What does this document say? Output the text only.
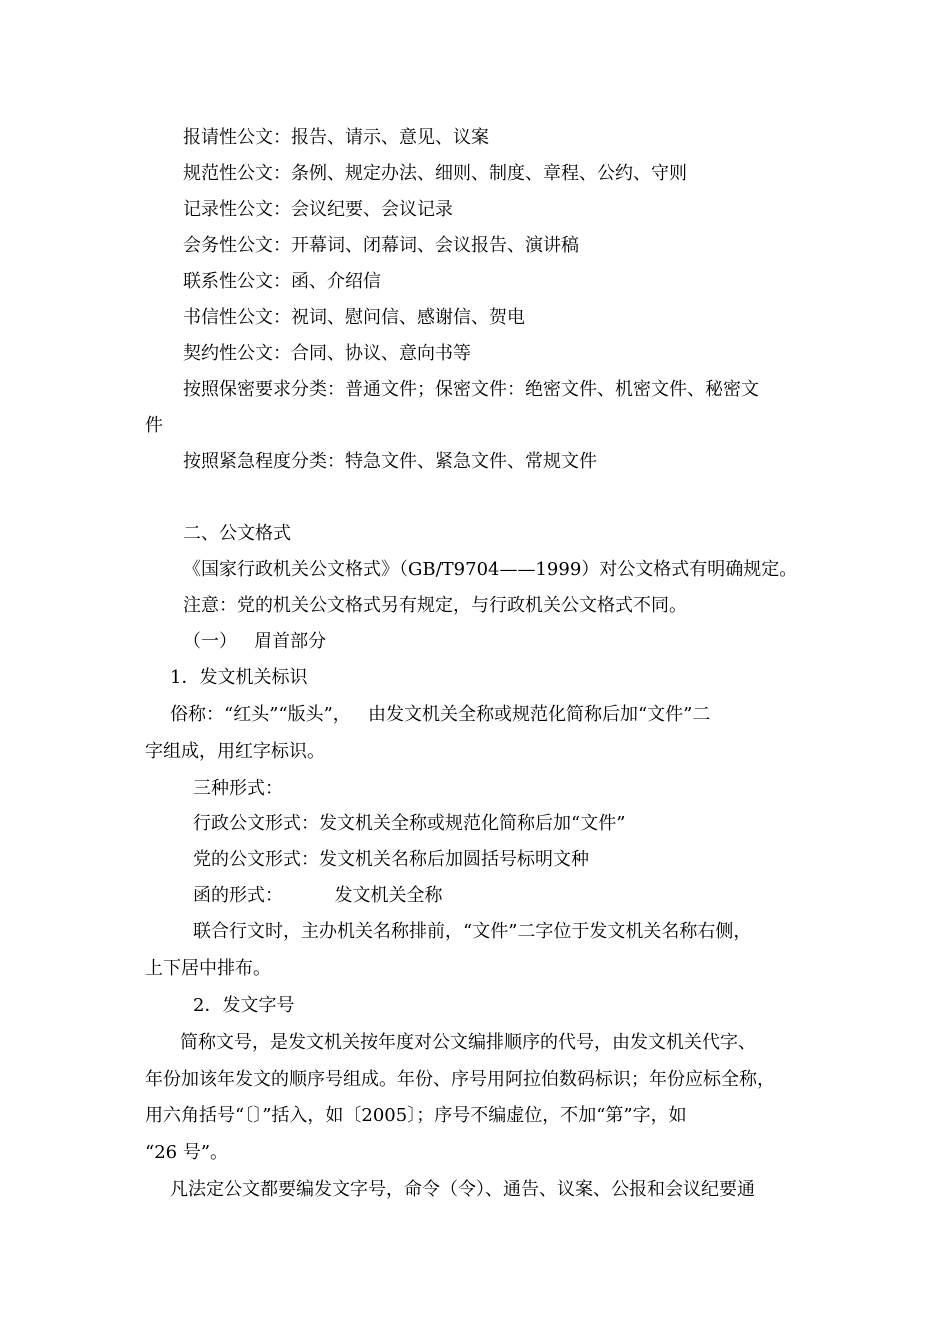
报请性公文：报告、请示、意见、议案
规范性公文：条例、规定办法、细则、制度、章程、公约、守则
记录性公文：会议纪要、会议记录
会务性公文：开幕词、闭幕词、会议报告、演讲稿
联系性公文：函、介绍信
书信性公文：祝词、慰问信、感谢信、贺电
契约性公文：合同、协议、意向书等
按照保密要求分类：普通文件；保密文件：绝密文件、机密文件、秘密文
件
按照紧急程度分类：特急文件、紧急文件、常规文件
二、公文格式
《国家行政机关公文格式》（GB/T9704——1999）对公文格式有明确规定。
注意：党的机关公文格式另有规定，与行政机关公文格式不同。
（一）   眉首部分
1．发文机关标识
俗称：“红头”“版头”，   由发文机关全称或规范化简称后加“文件”二
字组成，用红字标识。
三种形式：
行政公文形式：发文机关全称或规范化简称后加“文件”
党的公文形式：发文机关名称后加圆括号标明文种
函的形式：         发文机关全称
联合行文时，主办机关名称排前，“文件”二字位于发文机关名称右侧，
上下居中排布。
2．发文字号
简称文号，是发文机关按年度对公文编排顺序的代号，由发文机关代字、
年份加该年发文的顺序号组成。年份、序号用阿拉伯数码标识；年份应标全称，
用六角括号“〔〕”括入，如〔2005〕；序号不编虚位，不加“第”字，如
“26 号”。
凡法定公文都要编发文字号，命令（令）、通告、议案、公报和会议纪要通
